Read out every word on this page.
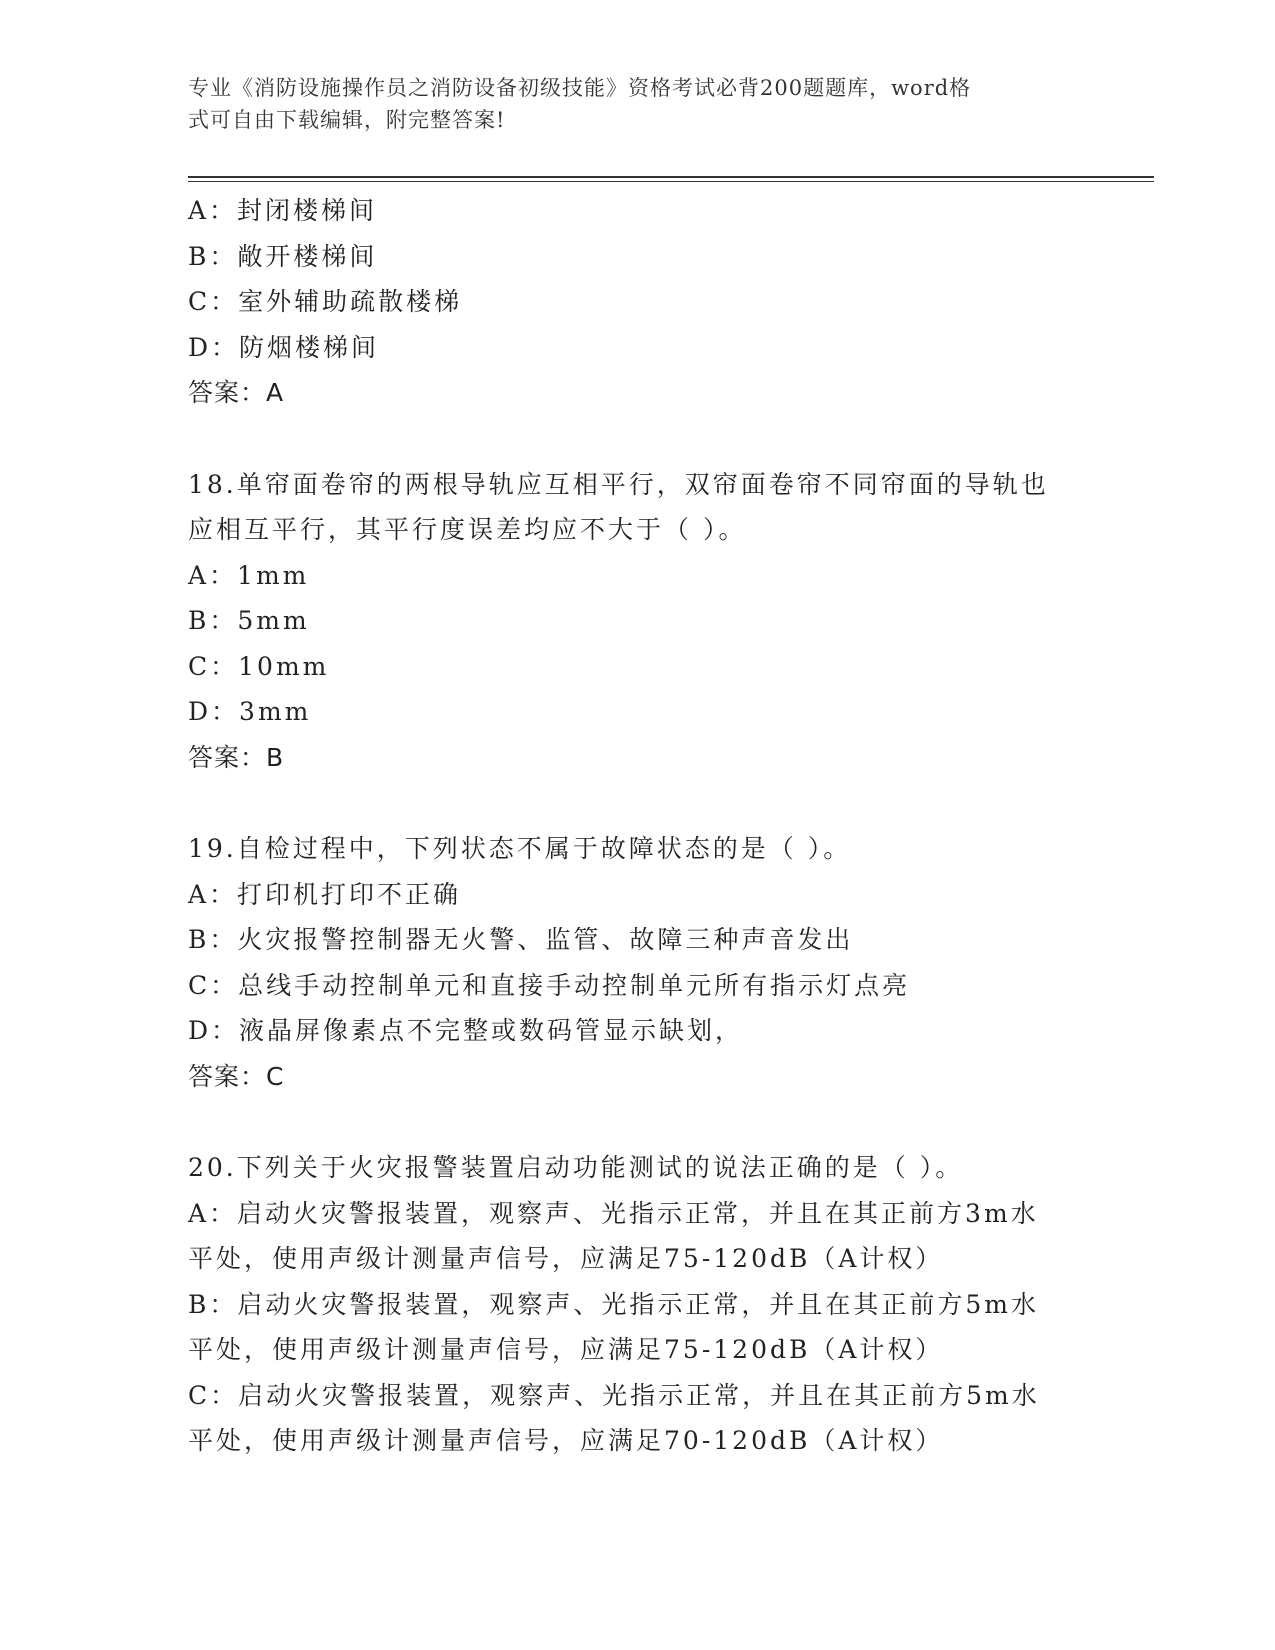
专业《消防设施操作员之消防设备初级技能》资格考试必背200题题库，word格
式可自由下载编辑，附完整答案!
A：封闭楼梯间
B：敞开楼梯间
C：室外辅助疏散楼梯
D：防烟楼梯间
答案：A
18.单帘面卷帘的两根导轨应互相平行，双帘面卷帘不同帘面的导轨也
应相互平行，其平行度误差均应不大于（ ）。
A：1mm
B：5mm
C：10mm
D：3mm
答案：B
19.自检过程中，下列状态不属于故障状态的是（ ）。
A：打印机打印不正确
B：火灾报警控制器无火警、监管、故障三种声音发出
C：总线手动控制单元和直接手动控制单元所有指示灯点亮
D：液晶屏像素点不完整或数码管显示缺划，
答案：C
20.下列关于火灾报警装置启动功能测试的说法正确的是（ ）。
A：启动火灾警报装置，观察声、光指示正常，并且在其正前方3m水
平处，使用声级计测量声信号，应满足75-120dB（A计权）
B：启动火灾警报装置，观察声、光指示正常，并且在其正前方5m水
平处，使用声级计测量声信号，应满足75-120dB（A计权）
C：启动火灾警报装置，观察声、光指示正常，并且在其正前方5m水
平处，使用声级计测量声信号，应满足70-120dB（A计权）
